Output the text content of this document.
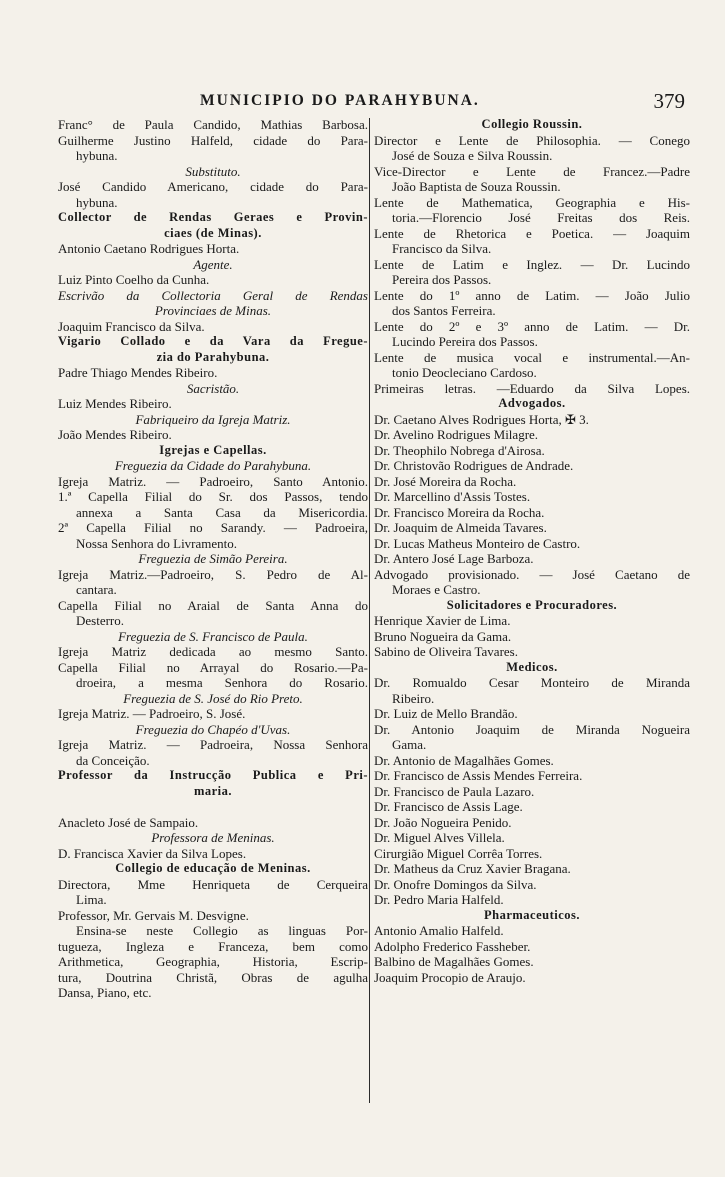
MUNICIPIO DO PARAHYBUNA.	379
Franc° de Paula Candido, Mathias Barbosa.
Guilherme Justino Halfeld, cidade do Para-
hybuna.
Substituto.
José Candido Americano, cidade do Para-
hybuna.
Collector de Rendas Geraes e Provin-
ciaes (de Minas).
Antonio Caetano Rodrigues Horta.
Agente.
Luiz Pinto Coelho da Cunha.
Escrivão da Collectoria Geral de Rendas
Provinciaes de Minas.
Joaquim Francisco da Silva.
Vigario Collado e da Vara da Fregue-
zia do Parahybuna.
Padre Thiago Mendes Ribeiro.
Sacristão.
Luiz Mendes Ribeiro.
Fabriqueiro da Igreja Matriz.
João Mendes Ribeiro.
Igrejas e Capellas.
Freguezia da Cidade do Parahybuna.
Igreja Matriz. — Padroeiro, Santo Antonio.
1.ª Capella Filial do Sr. dos Passos, tendo
annexa a Santa Casa da Misericordia.
2ª Capella Filial no Sarandy. — Padroeira,
Nossa Senhora do Livramento.
Freguezia de Simão Pereira.
Igreja Matriz.—Padroeiro, S. Pedro de Al-
cantara.
Capella Filial no Araial de Santa Anna do
Desterro.
Freguezia de S. Francisco de Paula.
Igreja Matriz dedicada ao mesmo Santo.
Capella Filial no Arrayal do Rosario.—Pa-
droeira, a mesma Senhora do Rosario.
Freguezia de S. José do Rio Preto.
Igreja Matriz. — Padroeiro, S. José.
Freguezia do Chapéo d'Uvas.
Igreja Matriz. — Padroeira, Nossa Senhora
da Conceição.
Professor da Instrucção Publica e Pri-
maria.

Anacleto José de Sampaio.
Professora de Meninas.
D. Francisca Xavier da Silva Lopes.
Collegio de educação de Meninas.
Directora, Mme Henriqueta de Cerqueira
Lima.
Professor, Mr. Gervais M. Desvigne.
Ensina-se neste Collegio as linguas Por-
tugueza, Ingleza e Franceza, bem como
Arithmetica, Geographia, Historia, Escrip-
tura, Doutrina Christã, Obras de agulha
Dansa, Piano, etc.
Collegio Roussin.
Director e Lente de Philosophia. — Conego
José de Souza e Silva Roussin.
Vice-Director e Lente de Francez.—Padre
João Baptista de Souza Roussin.
Lente de Mathematica, Geographia e His-
toria.—Florencio José Freitas dos Reis.
Lente de Rhetorica e Poetica. — Joaquim
Francisco da Silva.
Lente de Latim e Inglez. — Dr. Lucindo
Pereira dos Passos.
Lente do 1º anno de Latim. — João Julio
dos Santos Ferreira.
Lente do 2º e 3º anno de Latim. — Dr.
Lucindo Pereira dos Passos.
Lente de musica vocal e instrumental.—An-
tonio Deocleciano Cardoso.
Primeiras letras. —Eduardo da Silva Lopes.
Advogados.
Dr. Caetano Alves Rodrigues Horta, ✠ 3.
Dr. Avelino Rodrigues Milagre.
Dr. Theophilo Nobrega d'Airosa.
Dr. Christovão Rodrigues de Andrade.
Dr. José Moreira da Rocha.
Dr. Marcellino d'Assis Tostes.
Dr. Francisco Moreira da Rocha.
Dr. Joaquim de Almeida Tavares.
Dr. Lucas Matheus Monteiro de Castro.
Dr. Antero José Lage Barboza.
Advogado provisionado. — José Caetano de
Moraes e Castro.
Solicitadores e Procuradores.
Henrique Xavier de Lima.
Bruno Nogueira da Gama.
Sabino de Oliveira Tavares.
Medicos.
Dr. Romualdo Cesar Monteiro de Miranda
Ribeiro.
Dr. Luiz de Mello Brandão.
Dr. Antonio Joaquim de Miranda Nogueira
Gama.
Dr. Antonio de Magalhães Gomes.
Dr. Francisco de Assis Mendes Ferreira.
Dr. Francisco de Paula Lazaro.
Dr. Francisco de Assis Lage.
Dr. João Nogueira Penido.
Dr. Miguel Alves Villela.
Cirurgião Miguel Corrêa Torres.
Dr. Matheus da Cruz Xavier Bragana.
Dr. Onofre Domingos da Silva.
Dr. Pedro Maria Halfeld.
Pharmaceuticos.
Antonio Amalio Halfeld.
Adolpho Frederico Fassheber.
Balbino de Magalhães Gomes.
Joaquim Procopio de Araujo.
